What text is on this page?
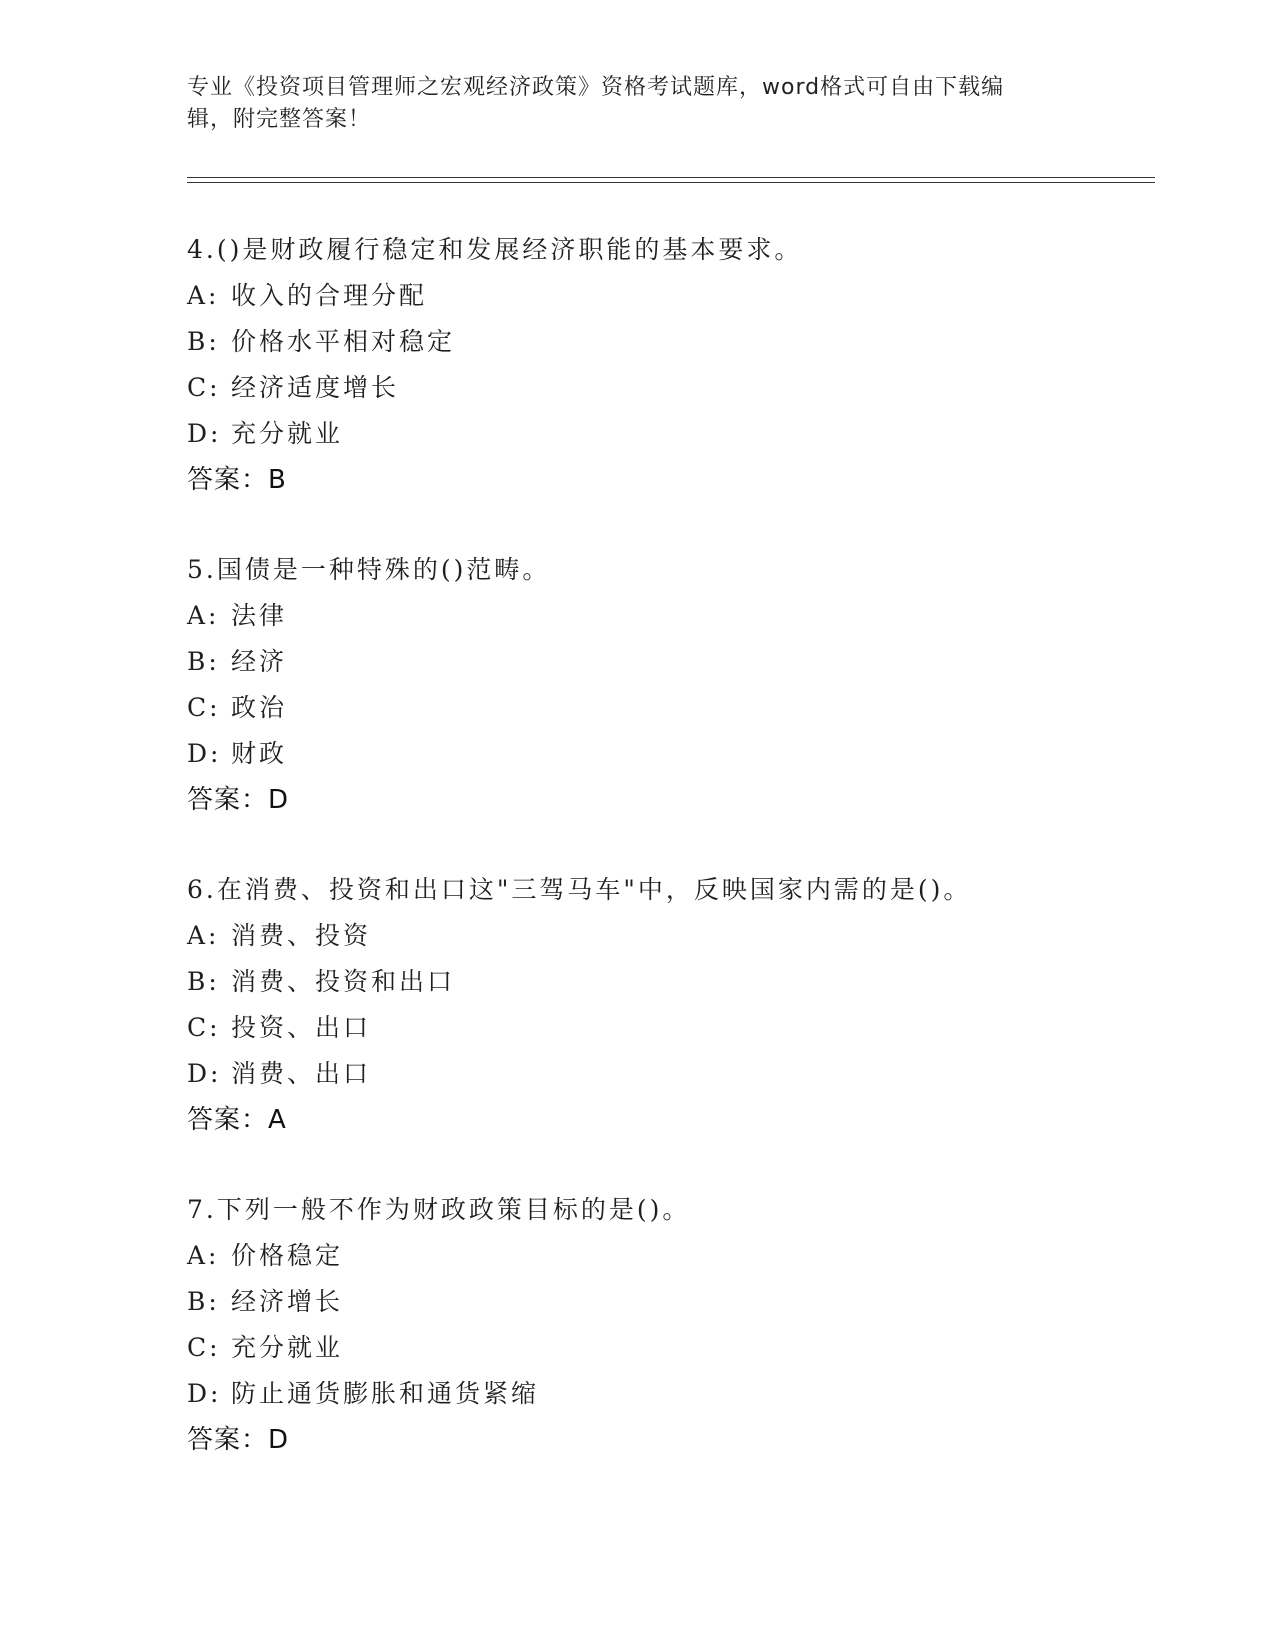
专业《投资项目管理师之宏观经济政策》资格考试题库，word格式可自由下载编
辑，附完整答案！
4.()是财政履行稳定和发展经济职能的基本要求。
A: 收入的合理分配
B: 价格水平相对稳定
C: 经济适度增长
D: 充分就业
答案：B
5.国债是一种特殊的()范畴。
A: 法律
B: 经济
C: 政治
D: 财政
答案：D
6.在消费、投资和出口这"三驾马车"中，反映国家内需的是()。
A: 消费、投资
B: 消费、投资和出口
C: 投资、出口
D: 消费、出口
答案：A
7.下列一般不作为财政政策目标的是()。
A: 价格稳定
B: 经济增长
C: 充分就业
D: 防止通货膨胀和通货紧缩
答案：D
